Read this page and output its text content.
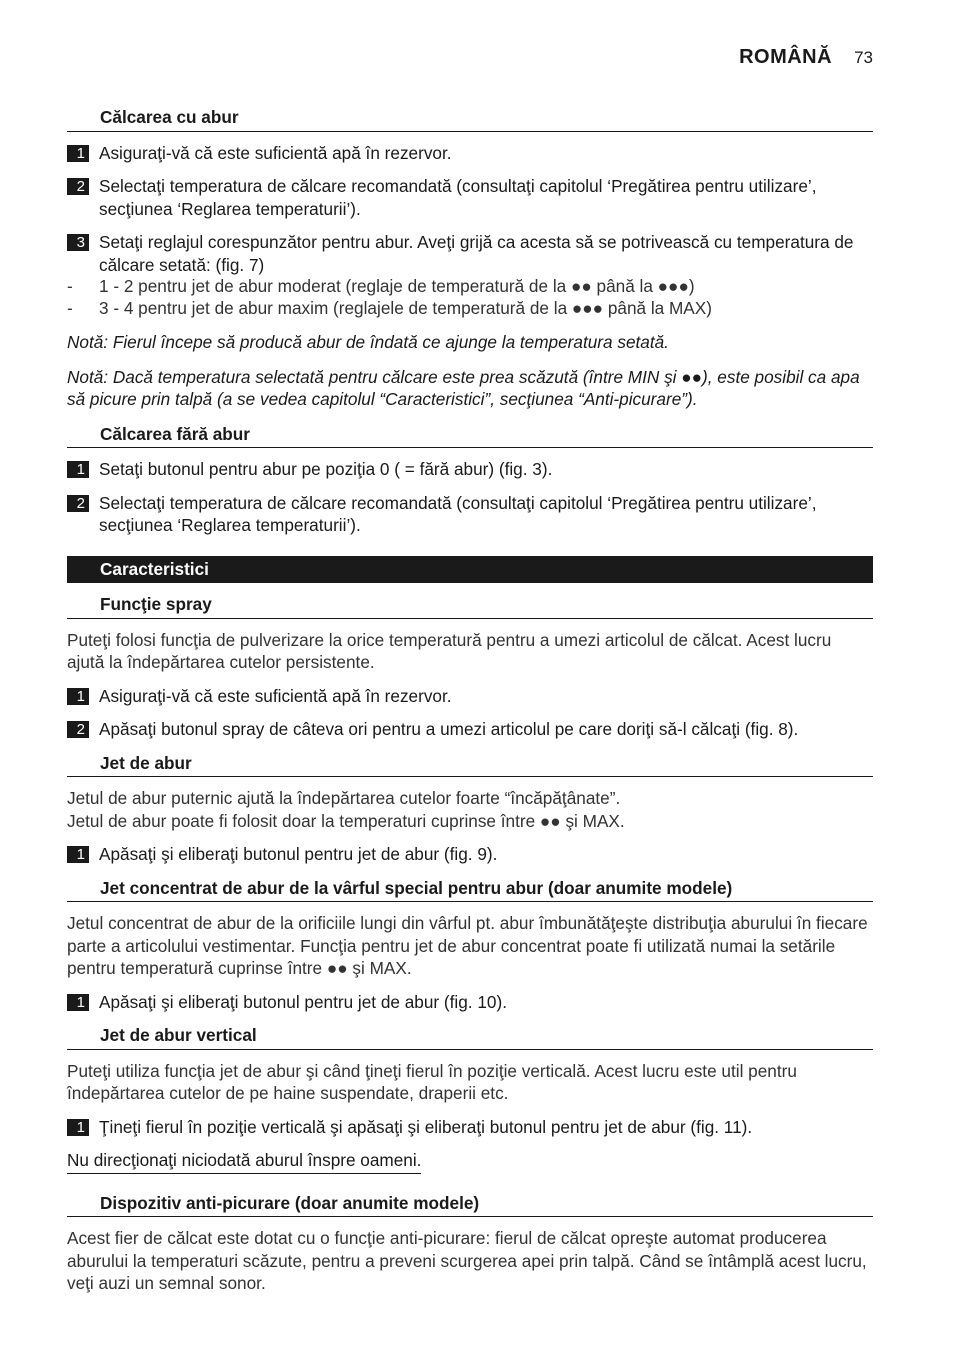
ROMÂNĂ 73
Călcarea cu abur
1 Asiguraţi-vă că este suficientă apă în rezervor.
2 Selectaţi temperatura de călcare recomandată (consultaţi capitolul ‘Pregătirea pentru utilizare’, secţiunea ‘Reglarea temperaturii’).
3 Setaţi reglajul corespunzător pentru abur. Aveţi grijă ca acesta să se potrivească cu temperatura de călcare setată: (fig. 7)
-	1 - 2 pentru jet de abur moderat (reglaje de temperatură de la ●● până la ●●●)
-	3 - 4 pentru jet de abur maxim (reglajele de temperatură de la ●●● până la MAX)
Notă: Fierul începe să producă abur de îndată ce ajunge la temperatura setată.
Notă: Dacă temperatura selectată pentru călcare este prea scăzută (între MIN şi ●●), este posibil ca apa să picure prin talpă (a se vedea capitolul “Caracteristici”, secţiunea “Anti-picurare”).
Călcarea fără abur
1 Setaţi butonul pentru abur pe poziţia 0 ( = fără abur) (fig. 3).
2 Selectaţi temperatura de călcare recomandată (consultaţi capitolul ‘Pregătirea pentru utilizare’, secţiunea ‘Reglarea temperaturii’).
Caracteristici
Funcţie spray
Puteţi folosi funcţia de pulverizare la orice temperatură pentru a umezi articolul de călcat. Acest lucru ajută la îndepărtarea cutelor persistente.
1 Asiguraţi-vă că este suficientă apă în rezervor.
2 Apăsaţi butonul spray de câteva ori pentru a umezi articolul pe care doriţi să-l călcaţi (fig. 8).
Jet de abur
Jetul de abur puternic ajută la îndepărtarea cutelor foarte “încăpăţânate”.
Jetul de abur poate fi folosit doar la temperaturi cuprinse între ●● şi MAX.
1 Apăsaţi şi eliberaţi butonul pentru jet de abur (fig. 9).
Jet concentrat de abur de la vârful special pentru abur (doar anumite modele)
Jetul concentrat de abur de la orificiile lungi din vârful pt. abur îmbunătăţeşte distribuţia aburului în fiecare parte a articolului vestimentar. Funcţia pentru jet de abur concentrat poate fi utilizată numai la setările pentru temperatură cuprinse între ●● şi MAX.
1 Apăsaţi şi eliberaţi butonul pentru jet de abur (fig. 10).
Jet de abur vertical
Puteţi utiliza funcţia jet de abur şi când ţineţi fierul în poziţie verticală. Acest lucru este util pentru îndepărtarea cutelor de pe haine suspendate, draperii etc.
1 Ţineţi fierul în poziţie verticală şi apăsaţi şi eliberaţi butonul pentru jet de abur (fig. 11).
Nu direcţionaţi niciodată aburul înspre oameni.
Dispozitiv anti-picurare (doar anumite modele)
Acest fier de călcat este dotat cu o funcţie anti-picurare: fierul de călcat opreşte automat producerea aburului la temperaturi scăzute, pentru a preveni scurgerea apei prin talpă. Când se întâmplă acest lucru, veţi auzi un semnal sonor.
